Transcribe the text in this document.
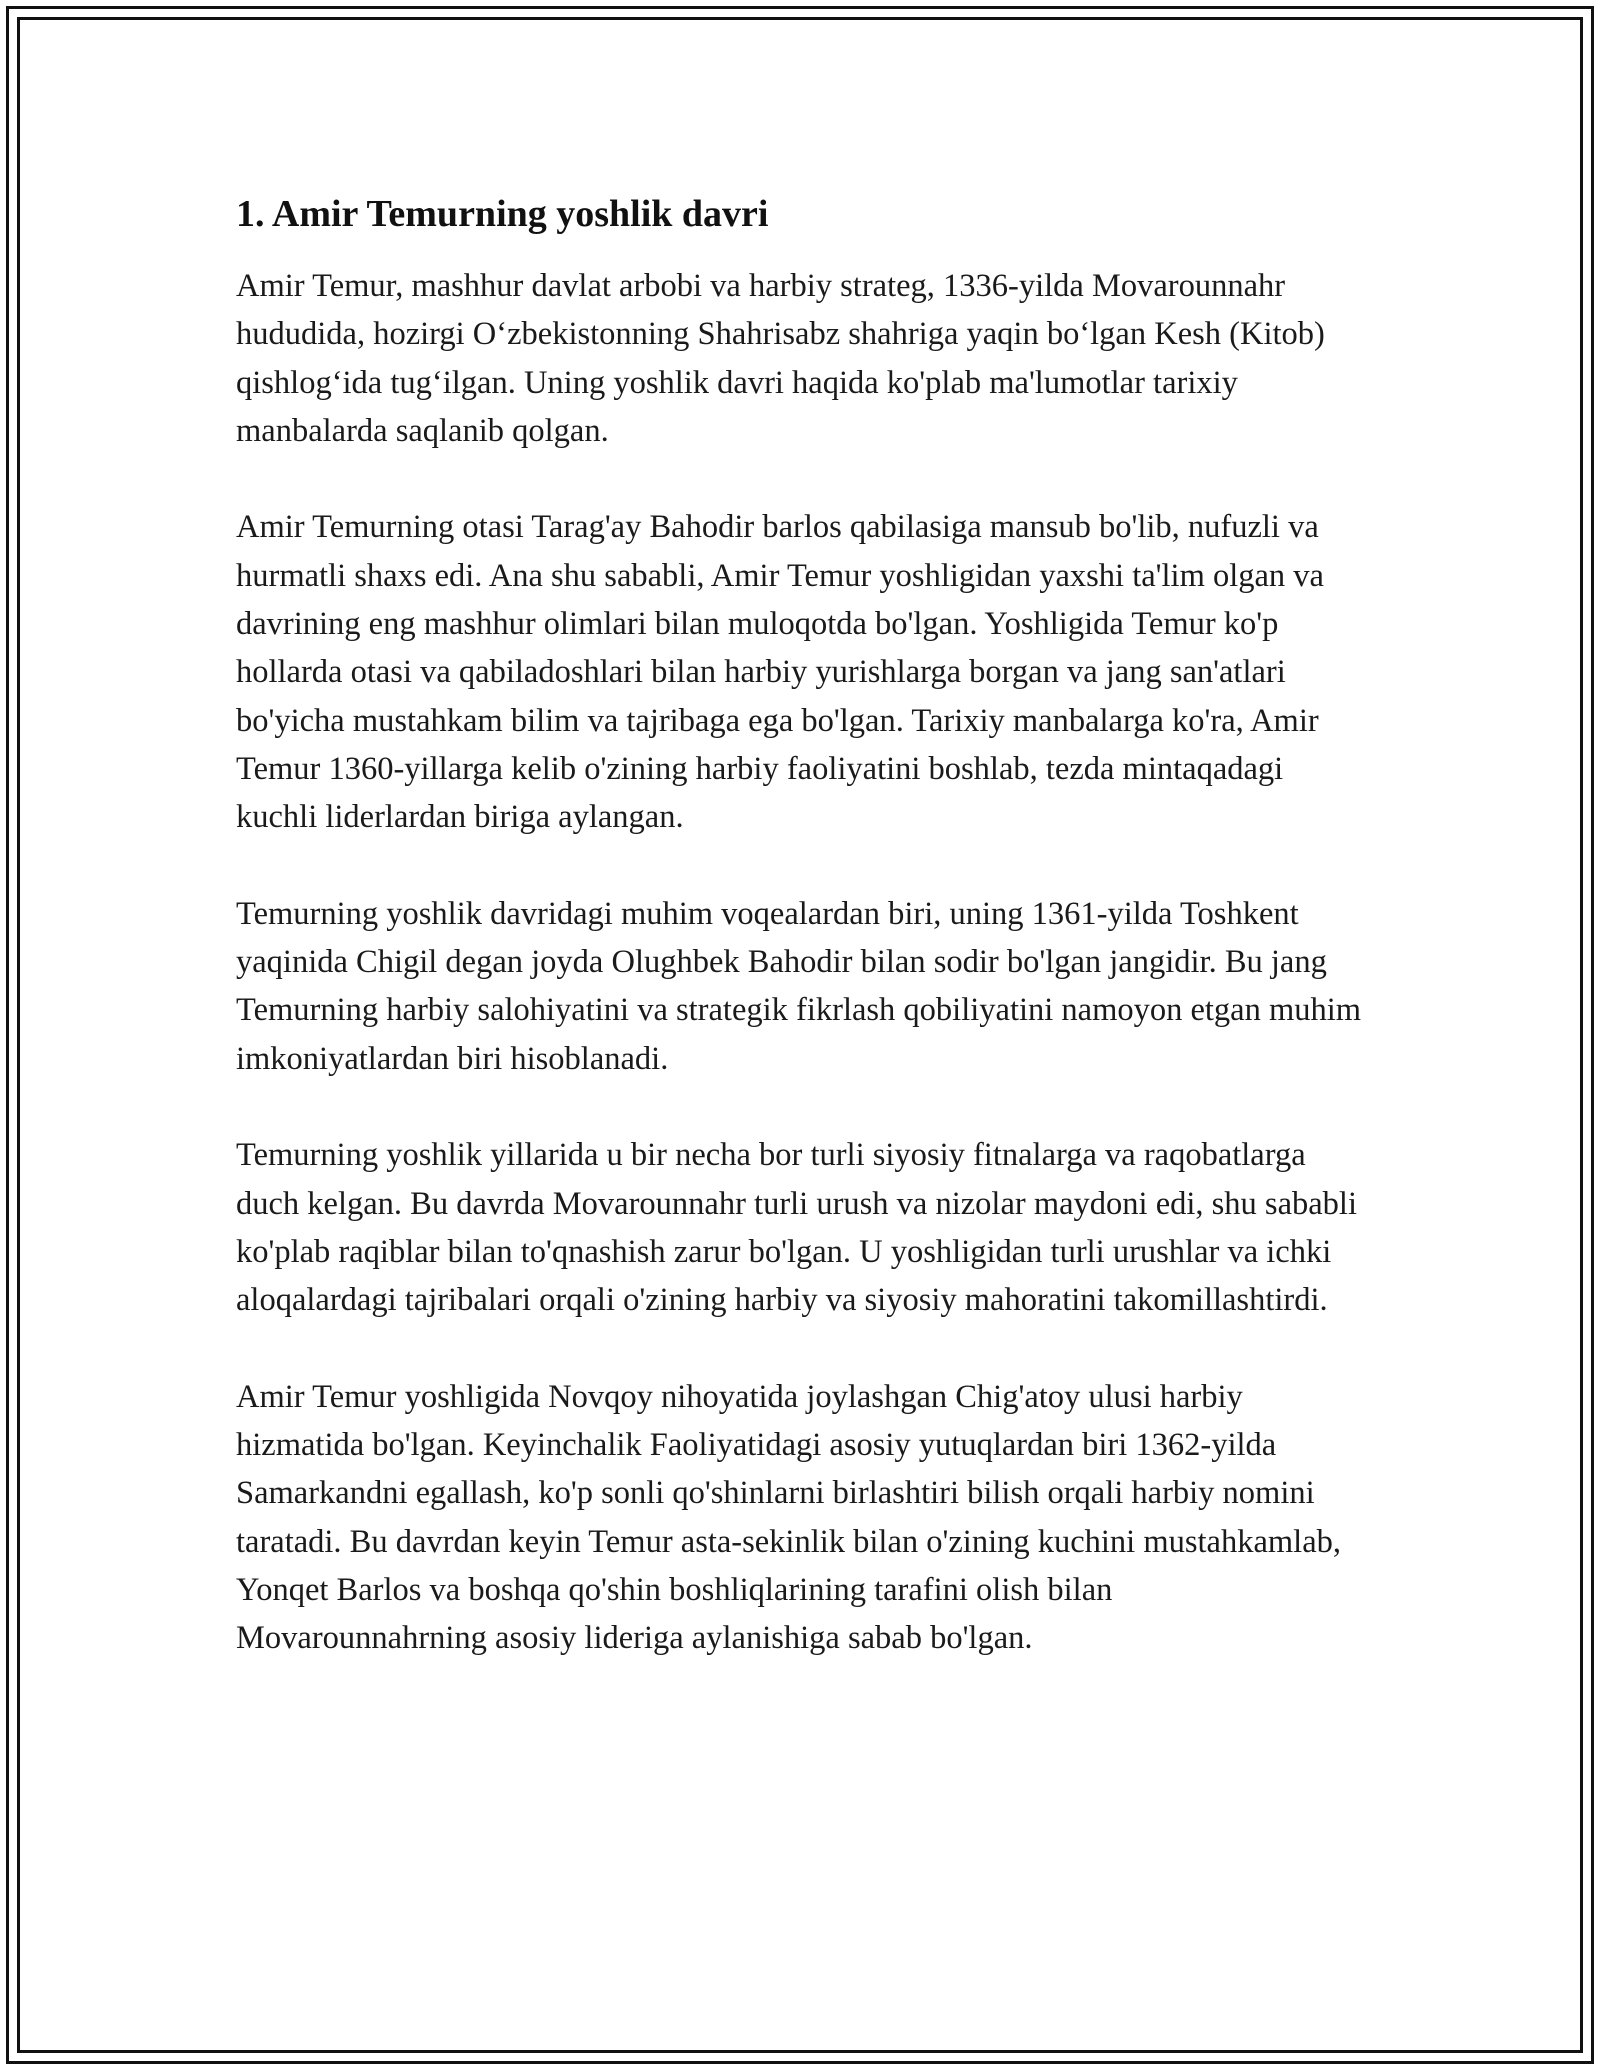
1. Amir Temurning yoshlik davri

Amir Temur, mashhur davlat arbobi va harbiy strateg, 1336-yilda Movarounnahr hududida, hozirgi O‘zbekistonning Shahrisabz shahriga yaqin bo‘lgan Kesh (Kitob) qishlog‘ida tug‘ilgan. Uning yoshlik davri haqida ko'plab ma'lumotlar tarixiy manbalarda saqlanib qolgan.

Amir Temurning otasi Tarag'ay Bahodir barlos qabilasiga mansub bo'lib, nufuzli va hurmatli shaxs edi. Ana shu sababli, Amir Temur yoshligidan yaxshi ta'lim olgan va davrining eng mashhur olimlari bilan muloqotda bo'lgan. Yoshligida Temur ko'p hollarda otasi va qabiladoshlari bilan harbiy yurishlarga borgan va jang san'atlari bo'yicha mustahkam bilim va tajribaga ega bo'lgan. Tarixiy manbalarga ko'ra, Amir Temur 1360-yillarga kelib o'zining harbiy faoliyatini boshlab, tezda mintaqadagi kuchli liderlardan biriga aylangan.

Temurning yoshlik davridagi muhim voqealardan biri, uning 1361-yilda Toshkent yaqinida Chigil degan joyda Olughbek Bahodir bilan sodir bo'lgan jangidir. Bu jang Temurning harbiy salohiyatini va strategik fikrlash qobiliyatini namoyon etgan muhim imkoniyatlardan biri hisoblanadi.

Temurning yoshlik yillarida u bir necha bor turli siyosiy fitnalarga va raqobatlarga duch kelgan. Bu davrda Movarounnahr turli urush va nizolar maydoni edi, shu sababli ko'plab raqiblar bilan to'qnashish zarur bo'lgan. U yoshligidan turli urushlar va ichki aloqalardagi tajribalari orqali o'zining harbiy va siyosiy mahoratini takomillashtirdi.

Amir Temur yoshligida Novqoy nihoyatida joylashgan Chig'atoy ulusi harbiy hizmatida bo'lgan. Keyinchalik Faoliyatidagi asosiy yutuqlardan biri 1362-yilda Samarkandni egallash, ko'p sonli qo'shinlarni birlashtiri bilish orqali harbiy nomini taratadi. Bu davrdan keyin Temur asta-sekinlik bilan o'zining kuchini mustahkamlab, Yonqet Barlos va boshqa qo'shin boshliqlarining tarafini olish bilan Movarounnahrning asosiy lideriga aylanishiga sabab bo'lgan.
